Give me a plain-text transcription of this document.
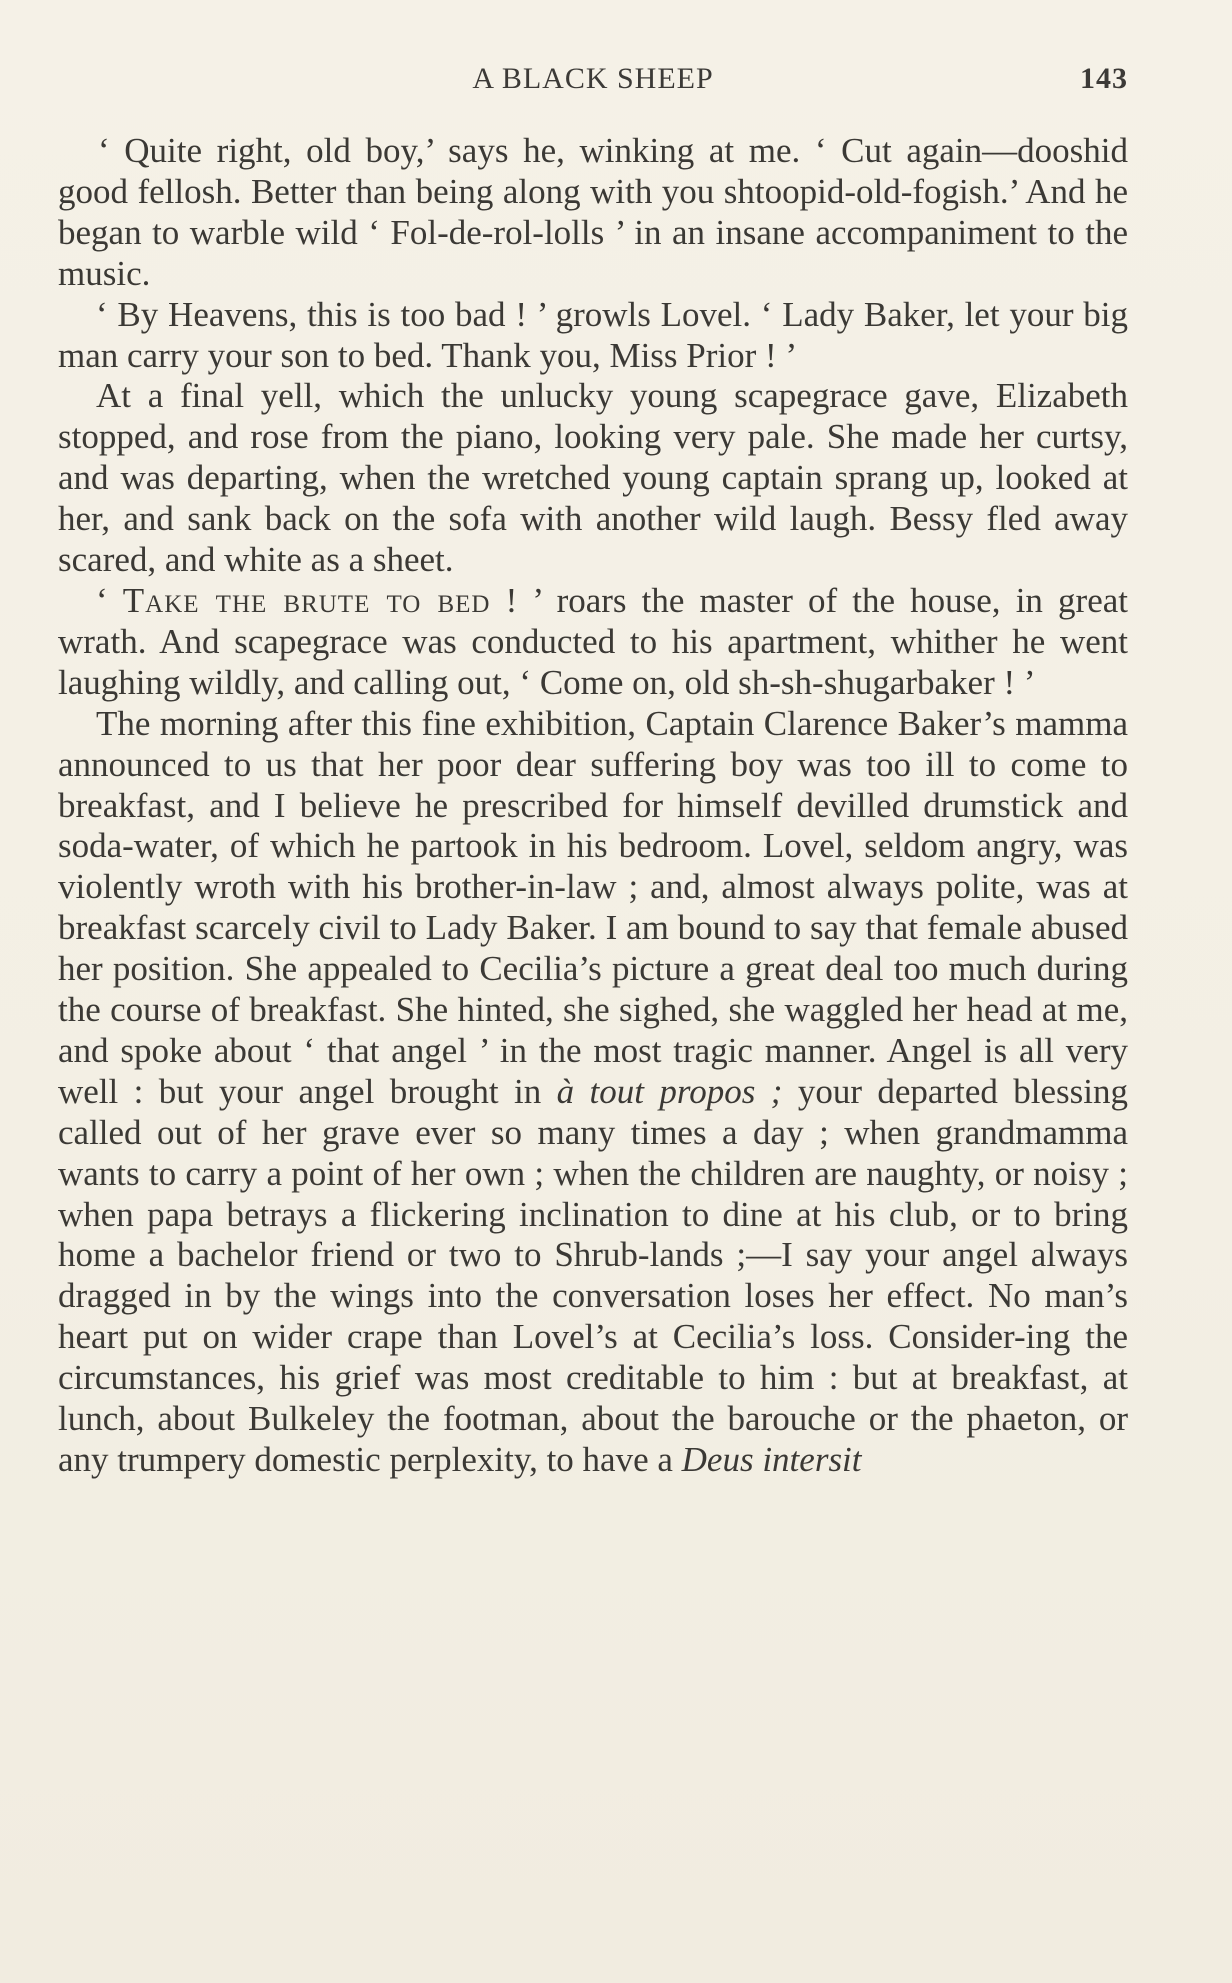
A BLACK SHEEP	143

‘ Quite right, old boy,’ says he, winking at me. ‘ Cut again—dooshid good fellosh. Better than being along with you shtoopid-old-fogish.’ And he began to warble wild ‘ Fol-de-rol-lolls ’ in an insane accompaniment to the music.

‘ By Heavens, this is too bad ! ’ growls Lovel. ‘ Lady Baker, let your big man carry your son to bed. Thank you, Miss Prior ! ’

At a final yell, which the unlucky young scapegrace gave, Elizabeth stopped, and rose from the piano, looking very pale. She made her curtsy, and was departing, when the wretched young captain sprang up, looked at her, and sank back on the sofa with another wild laugh. Bessy fled away scared, and white as a sheet.

‘ Take the brute to bed ! ’ roars the master of the house, in great wrath. And scapegrace was conducted to his apartment, whither he went laughing wildly, and calling out, ‘ Come on, old sh-sh-shugarbaker ! ’

The morning after this fine exhibition, Captain Clarence Baker’s mamma announced to us that her poor dear suffering boy was too ill to come to breakfast, and I believe he prescribed for himself devilled drumstick and soda-water, of which he partook in his bedroom. Lovel, seldom angry, was violently wroth with his brother-in-law ; and, almost always polite, was at breakfast scarcely civil to Lady Baker. I am bound to say that female abused her position. She appealed to Cecilia’s picture a great deal too much during the course of breakfast. She hinted, she sighed, she waggled her head at me, and spoke about ‘ that angel ’ in the most tragic manner. Angel is all very well : but your angel brought in à tout propos ; your departed blessing called out of her grave ever so many times a day ; when grandmamma wants to carry a point of her own ; when the children are naughty, or noisy ; when papa betrays a flickering inclination to dine at his club, or to bring home a bachelor friend or two to Shrub-lands ;—I say your angel always dragged in by the wings into the conversation loses her effect. No man’s heart put on wider crape than Lovel’s at Cecilia’s loss. Consider-ing the circumstances, his grief was most creditable to him : but at breakfast, at lunch, about Bulkeley the footman, about the barouche or the phaeton, or any trumpery domestic perplexity, to have a Deus intersit
